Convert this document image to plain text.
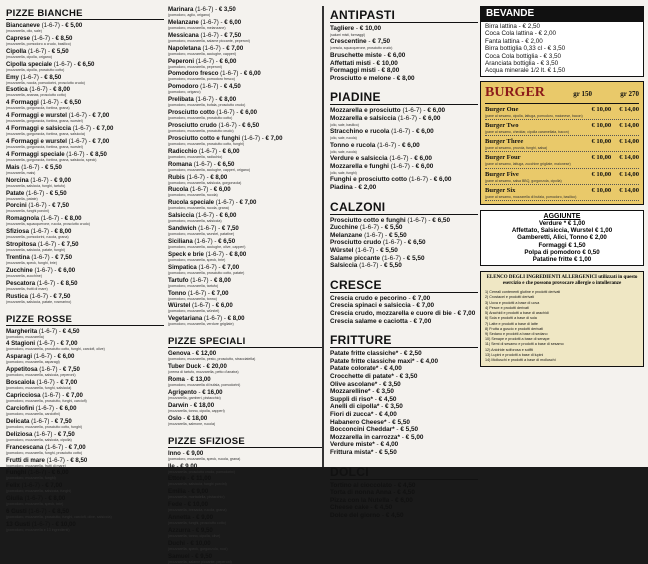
PIZZE BIANCHE
Biancaneve (1-6-7) - € 5,00
(mozzarella, olio, sale)
Caprese (1-6-7) - € 8,50
(mozzarella, pomodoro a crudo, basilico)
Cipolla (1-6-7) - € 5,50
(mozzarella, cipolla, origano)
Cipolla speciale (1-6-7) - € 6,50
(mozzarella, cipolla, prosciutto cotto)
Emy (1-6-7) - € 8,50
(mozzarella, rucola, pomodorini, prosciutto crudo)
Esotica (1-6-7) - € 8,00
(mozzarella, ananas, prosciutto cotto)
4 Formaggi (1-6-7) - € 6,50
(mozzarella, gorgonzola, fontina, grana)
4 Formaggi e wurstel (1-6-7) - € 7,00
(mozzarella, gorgonzola, fontina, grana, wurstel)
4 Formaggi e salsiccia (1-6-7) - € 7,00
(mozzarella, gorgonzola, fontina, grana, salsiccia)
4 Formaggi e wurstel (1-6-7) - € 7,00
(mozzarella, gorgonzola, fontina, grana, wurstel)
4 Formaggi speciale (1-6-7) - € 8,50
(mozzarella, gorgonzola, fontina, grana, salsiccia, speck)
Mais (1-6-7) - € 5,50
(mozzarella, mais)
Norcina (1-6-7) - € 9,00
(mozzarella, salsiccia, funghi, tartufo)
Patate (1-6-7) - € 5,50
(mozzarella, patate)
Porcini (1-6-7) - € 7,50
(mozzarella, funghi porcini)
Romagnola (1-6-7) - € 8,00
(mozzarella, squacquerone, rucola, prosciutto crudo)
Sfiziosa (1-6-7) - € 8,00
(mozzarella, pomodorini, rucola, grana)
Stropitosa (1-6-7) - € 7,50
(mozzarella, salsiccia, patate, funghi)
Trentina (1-6-7) - € 7,50
(mozzarella, speck, funghi, brie)
Zucchine (1-6-7) - € 6,00
(mozzarella, zucchine)
Pescatora (1-6-7) - € 8,50
(mozzarella, frutti di mare)
Rustica (1-6-7) - € 7,50
(mozzarella, salsiccia, patate, rosmarino)
PIZZE ROSSE
Margherita (1-6-7) - € 4,50
(pomodoro, mozzarella)
4 Stagioni (1-6-7) - € 7,00
(pomodoro, mozzarella, prosciutto cotto, funghi, carciofi, olive)
Asparagi (1-6-7) - € 6,00
(pomodoro, mozzarella, asparagi)
Appetitosa (1-6-7) - € 7,50
(pomodoro, mozzarella, salsiccia, peperoni)
Boscaiola (1-6-7) - € 7,00
(pomodoro, mozzarella, funghi, salsiccia)
Capricciosa (1-6-7) - € 7,00
(pomodoro, mozzarella, prosciutto, funghi, carciofi)
Carciofini (1-6-7) - € 6,00
(pomodoro, mozzarella, carciofini)
Delicata (1-6-7) - € 7,50
(pomodoro, mozzarella, prosciutto cotto, funghi)
Deliziosa (1-6-7) - € 7,50
(pomodoro, mozzarella, salsiccia, cipolla)
Francescana (1-6-7) - € 7,00
(pomodoro, mozzarella, funghi, prosciutto cotto)
Frutti di mare (1-6-7) - € 8,50
(pomodoro, mozzarella, frutti di mare)
Funghi (1-6-7) - € 6,00
(pomodoro, mozzarella, funghi)
Felix (1-6-7) - € 7,00
(pomodoro, mozzarella, salsiccia, funghi)
Giulia (1-6-7) - € 8,00
(pomodoro, mozzarella, speck, brie)
6 Gusti (1-6-7) - € 8,50
(pomodoro, mozzarella, prosciutto, funghi, carciofi, olive, salsiccia)
13 Gusti (1-6-7) - € 10,00
(pomodoro, mozzarella e 13 ingredienti)
Marinara (1-6-7) - € 3,50
(pomodoro, aglio, origano)
Melanzane (1-6-7) - € 6,00
(pomodoro, mozzarella, melanzane)
Messicana (1-6-7) - € 7,50
(pomodoro, mozzarella, salame piccante, peperoni)
Napoletana (1-6-7) - € 7,00
(pomodoro, mozzarella, acciughe, capperi)
Peperoni (1-6-7) - € 6,00
(pomodoro, mozzarella, peperoni)
Pomodoro fresco (1-6-7) - € 6,00
(pomodoro, mozzarella, pomodoro fresco)
Pomodoro (1-6-7) - € 4,50
(pomodoro, origano)
Prelibata (1-6-7) - € 8,00
(pomodoro, mozzarella, bufala, prosciutto crudo)
Prosciutto cotto (1-6-7) - € 6,00
(pomodoro, mozzarella, prosciutto cotto)
Prosciutto crudo (1-6-7) - € 6,50
(pomodoro, mozzarella, prosciutto crudo)
Prosciutto cotto e funghi (1-6-7) - € 7,00
(pomodoro, mozzarella, prosciutto cotto, funghi)
Radicchio (1-6-7) - € 6,00
(pomodoro, mozzarella, radicchio)
Romana (1-6-7) - € 6,50
(pomodoro, mozzarella, acciughe, capperi, origano)
Rubis (1-6-7) - € 8,00
(pomodoro, mozzarella, salsiccia, gorgonzola)
Rucola (1-6-7) - € 6,00
(pomodoro, mozzarella, rucola)
Rucola speciale (1-6-7) - € 7,00
(pomodoro, mozzarella, rucola, grana)
Salsiccia (1-6-7) - € 6,00
(pomodoro, mozzarella, salsiccia)
Sandwich (1-6-7) - € 7,50
(pomodoro, mozzarella, wurstel, patatine)
Siciliana (1-6-7) - € 6,50
(pomodoro, mozzarella, acciughe, olive, capperi)
Speck e brie (1-6-7) - € 8,00
(pomodoro, mozzarella, speck, brie)
Simpatica (1-6-7) - € 7,00
(pomodoro, mozzarella, prosciutto cotto, patate)
Tartufo (1-6-7) - € 8,00
(pomodoro, mozzarella, tartufo)
Tonno (1-6-7) - € 7,00
(pomodoro, mozzarella, tonno)
Würstel (1-6-7) - € 6,00
(pomodoro, mozzarella, würstel)
Vegetariana (1-6-7) - € 8,00
(pomodoro, mozzarella, verdure grigliate)
PIZZE SPECIALI
Genova - € 12,00
(pomodoro, mozzarella, pesto, prosciutto, stracciatella)
Tuber Duck - € 20,00
(crema di tartufo, mozzarella, petto d'anatra)
Roma - € 13,00
(pomodoro, mozzarella di bufala, pomodorini)
Agrigento - € 16,00
(mozzarella, gamberi, pistacchio)
Darwin - € 18,00
(mozzarella, tonno, cipolla, capperi)
Oslo - € 18,00
(mozzarella, salmone, rucola)
PIZZE SFIZIOSE
Inno - € 9,00
(pomodoro, mozzarella, speck, rucola, grana)
Ile - € 9,00
(mozzarella, prosciutto crudo, pomodorini)
Ettore - € 11,00
(mozzarella, salsiccia, funghi porcini)
Emilia - € 9,00
(mozzarella, mortadella, pistacchio)
Fede - € 10,00
(mozzarella, bresaola, rucola, grana)
Annetta - € 9,00
(mozzarella, funghi, prosciutto cotto)
Azzurra - € 9,50
(mozzarella, tonno, cipolla, olive)
Duchi - € 10,00
(mozzarella, speck, gorgonzola, noci)
Samuel - € 9,50
(mozzarella, salame piccante, peperoni)
ANTIPASTI
Tagliere - € 10,00
(salumi misti, formaggi)
Crescentine - € 7,50
(crescia, squacquerone, prosciutto crudo)
Bruschette miste - € 6,00
Affettati misti - € 10,00
Formaggi misti - € 8,00
Prosciutto e melone - € 8,00
PIADINE
Mozzarella e prosciutto (1-6-7) - € 6,00
Mozzarella e salsiccia (1-6-7) - € 6,00
(olio, sale, basilico)
Stracchino e rucola (1-6-7) - € 6,00
(olio, sale, rucola)
Tonno e rucola (1-6-7) - € 6,00
(olio, sale, rucola)
Verdure e salsiccia (1-6-7) - € 6,00
Mozzarella e funghi (1-6-7) - € 6,00
(olio, sale, funghi)
Funghi e prosciutto cotto (1-6-7) - € 6,00
Piadina - € 2,00
CALZONI
Prosciutto cotto e funghi (1-6-7) - € 6,50
Zucchine (1-6-7) - € 5,50
Melanzane (1-6-7) - € 5,50
Prosciutto crudo (1-6-7) - € 6,50
Würstel (1-6-7) - € 5,50
Salame piccante (1-6-7) - € 5,50
Salsiccia (1-6-7) - € 5,50
CRESCE
Crescia crudo e pecorino - € 7,00
Crescia spinaci e salsiccia - € 7,00
Crescia crudo, mozzarella e cuore di bie - € 7,00
Crescia salame e caciotta - € 7,00
FRITTURE
Patate fritte classiche* - € 2,50
Patate fritte classiche maxi* - € 4,00
Patate colorate* - € 4,00
Crocchette di patate* - € 3,50
Olive ascolane* - € 3,50
Mozzarelline* - € 3,50
Suppli di riso* - € 4,50
Anelli di cipolla* - € 3,50
Fiori di zucca* - € 4,00
Habanero Cheese* - € 5,50
Bocconcini Cheddar* - € 5,50
Mozzarella in carrozza* - € 5,00
Verdure miste* - € 4,00
Frittura mista* - € 5,50
DOLCI
Tortino al cioccolato - € 4,50
Torta di nonna Anna - € 4,50
Pizza con la Nutella - € 6,00
Cheese cake - € 4,50
Dolce del giorno - € 4,50
BEVANDE
Birra lattina - € 2,50
Coca Cola lattina - € 2,00
Fanta lattina - € 2,00
Birra bottiglia 0,33 cl - € 3,50
Coca Cola bottiglia - € 3,50
Aranciata bottiglia - € 3,50
Acqua minerale 1/2 lt. € 1,50
BURGER	gr 150	gr 270
Burger One	€ 10,00 € 14,00
(pane al sesamo, cipolla, lattuga, pomodoro, maionese, bacon)
Burger Two	€ 10,00 € 14,00
(pane al sesamo, cheddar, cipolla caramellata, bacon)
Burger Three	€ 10,00 € 14,00
(pane al sesamo, provola, funghi, salsa)
Burger Four	€ 10,00 € 14,00
(pane al sesamo, lattuga, zucchine grigliate, maionese)
Burger Five	€ 10,00 € 14,00
(pane al sesamo, salsa BBQ, gorgonzola, cipolla)
Burger Six	€ 10,00 € 14,00
(pane al sesamo, mozzarella di bufala, pomodoro, basilico)
AGGIUNTE
Verdure * € 1,00
Affettato, Salsiccia, Wurstel € 1,00
Gamberetti, Alici, Tonno € 2,00
Formaggi € 1,50
Polpa di pomodoro € 0,50
Patatine fritte € 1,00
ELENCO DEGLI INGREDIENTI ALLERGENICI utilizzati in questo esercizio e che possono provocare allergie o intolleranze
1) Cereali contenenti glutine e prodotti derivati
2) Crostacei e prodotti derivati
3) Uova e prodotti a base di uova
4) Pesce e prodotti derivati
5) Arachidi e prodotti a base di arachidi
6) Soia e prodotti a base di soia
7) Latte e prodotti a base di latte
8) Frutta a guscio e prodotti derivati
9) Sedano e prodotti a base di sedano
10) Senape e prodotti a base di senape
11) Semi di sesamo e prodotti a base di sesamo
12) Anidride solforosa e solfiti
13) Lupini e prodotti a base di lupini
14) Molluschi e prodotti a base di molluschi
